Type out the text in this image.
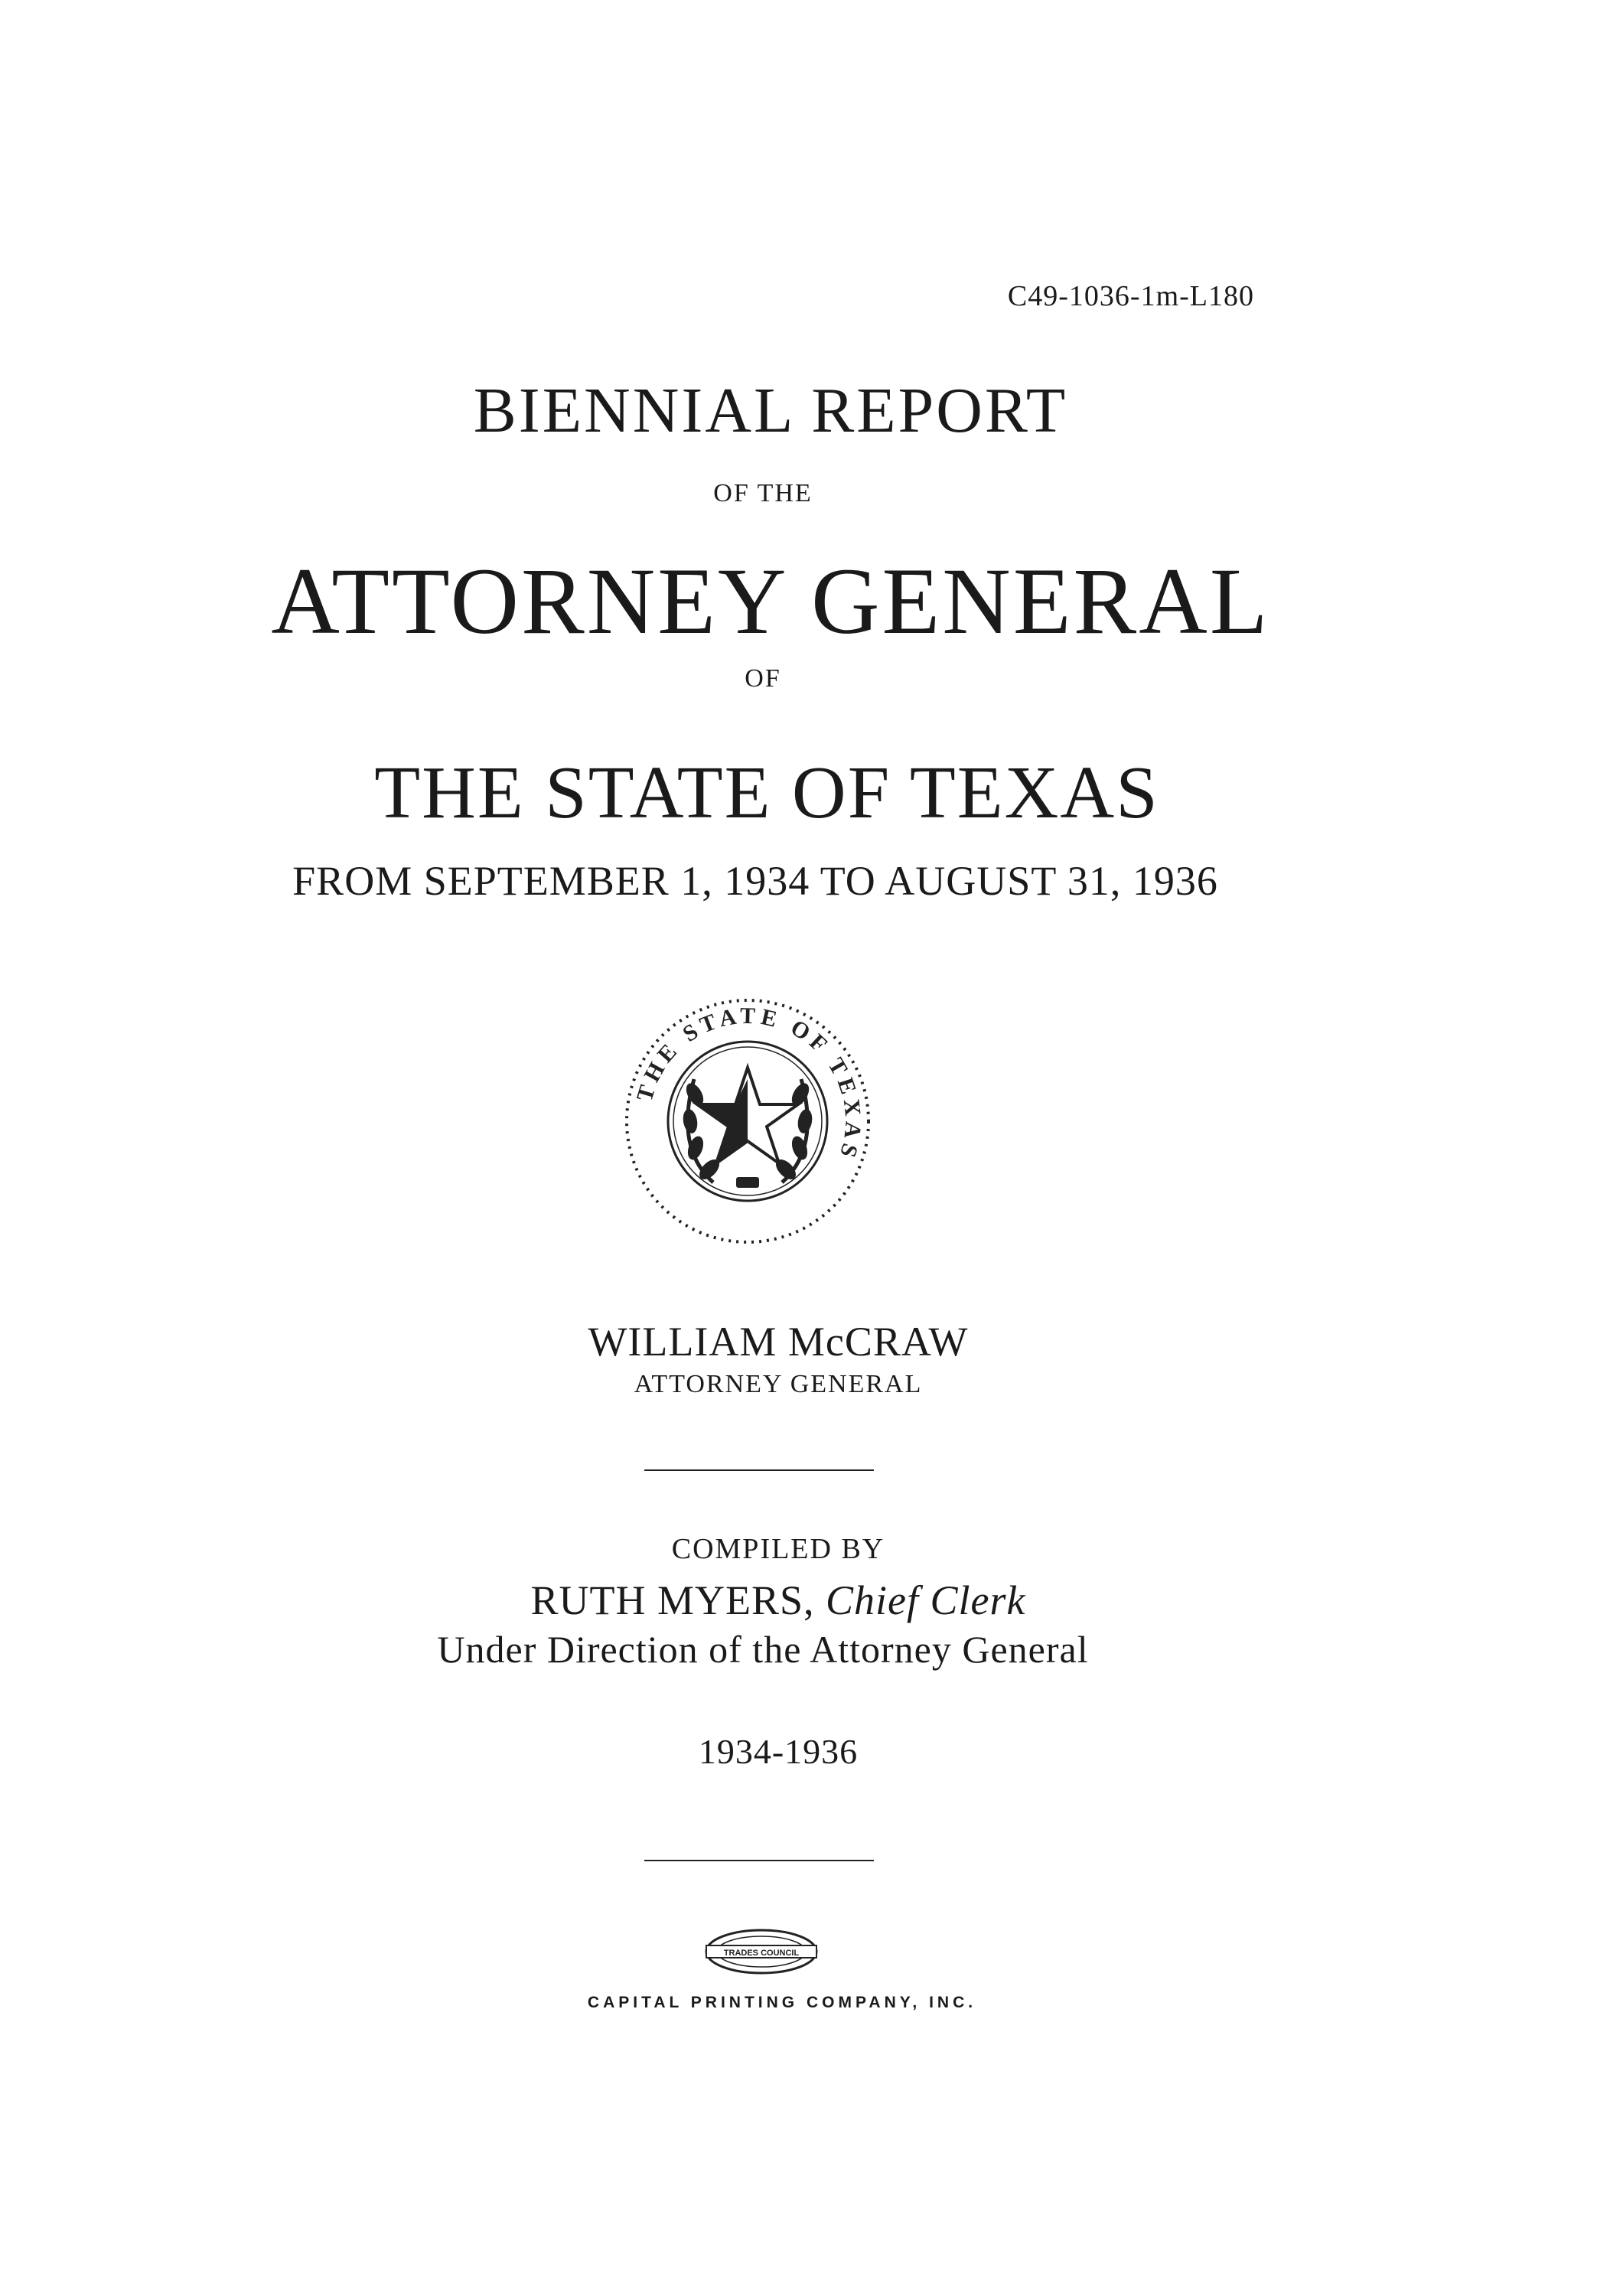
C49-1036-1m-L180
BIENNIAL REPORT
OF THE
ATTORNEY GENERAL
OF
THE STATE OF TEXAS
FROM SEPTEMBER 1, 1934 TO AUGUST 31, 1936
THE STATE OF TEXAS
WILLIAM McCRAW
ATTORNEY GENERAL
COMPILED BY
RUTH MYERS, Chief Clerk
Under Direction of the Attorney General
1934-1936
TRADES COUNCIL
CAPITAL PRINTING COMPANY, INC.
